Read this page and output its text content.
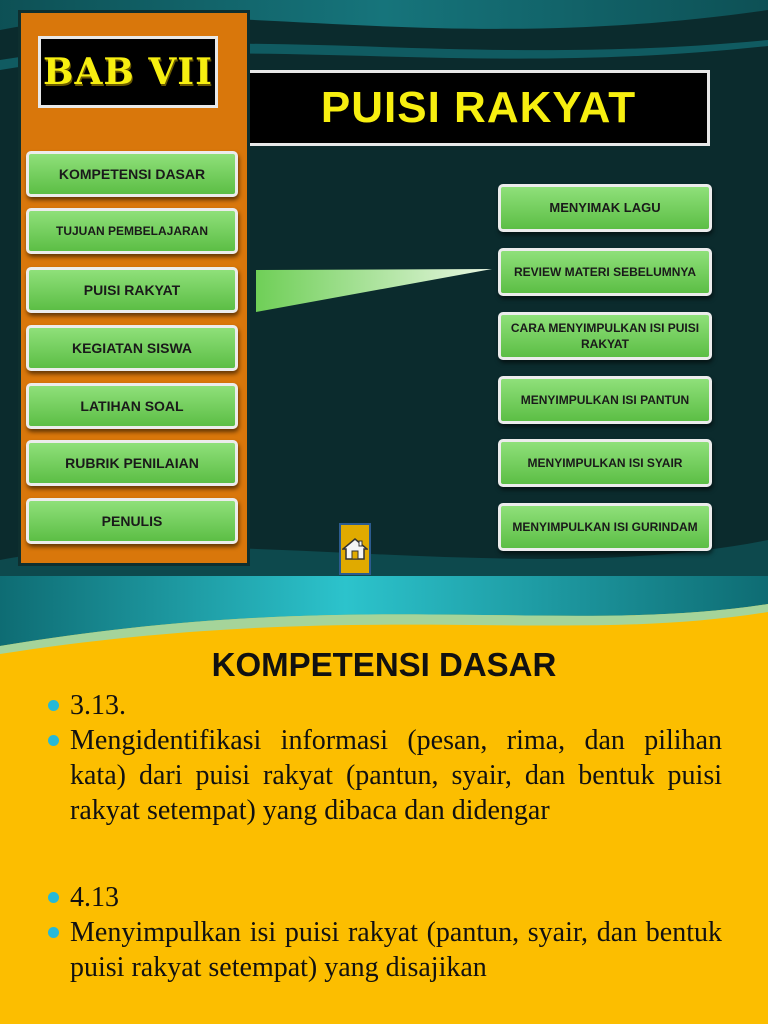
BAB VII
PUISI RAKYAT
KOMPETENSI DASAR
TUJUAN PEMBELAJARAN
PUISI RAKYAT
KEGIATAN SISWA
LATIHAN SOAL
RUBRIK PENILAIAN
PENULIS
MENYIMAK LAGU
REVIEW MATERI SEBELUMNYA
CARA MENYIMPULKAN ISI PUISI RAKYAT
MENYIMPULKAN ISI PANTUN
MENYIMPULKAN ISI SYAIR
MENYIMPULKAN ISI GURINDAM
KOMPETENSI DASAR
3.13.
Mengidentifikasi informasi (pesan, rima, dan pilihan kata) dari puisi rakyat (pantun, syair, dan bentuk puisi rakyat setempat) yang dibaca dan didengar
4.13
Menyimpulkan isi puisi rakyat (pantun, syair, dan bentuk puisi rakyat setempat) yang disajikan
